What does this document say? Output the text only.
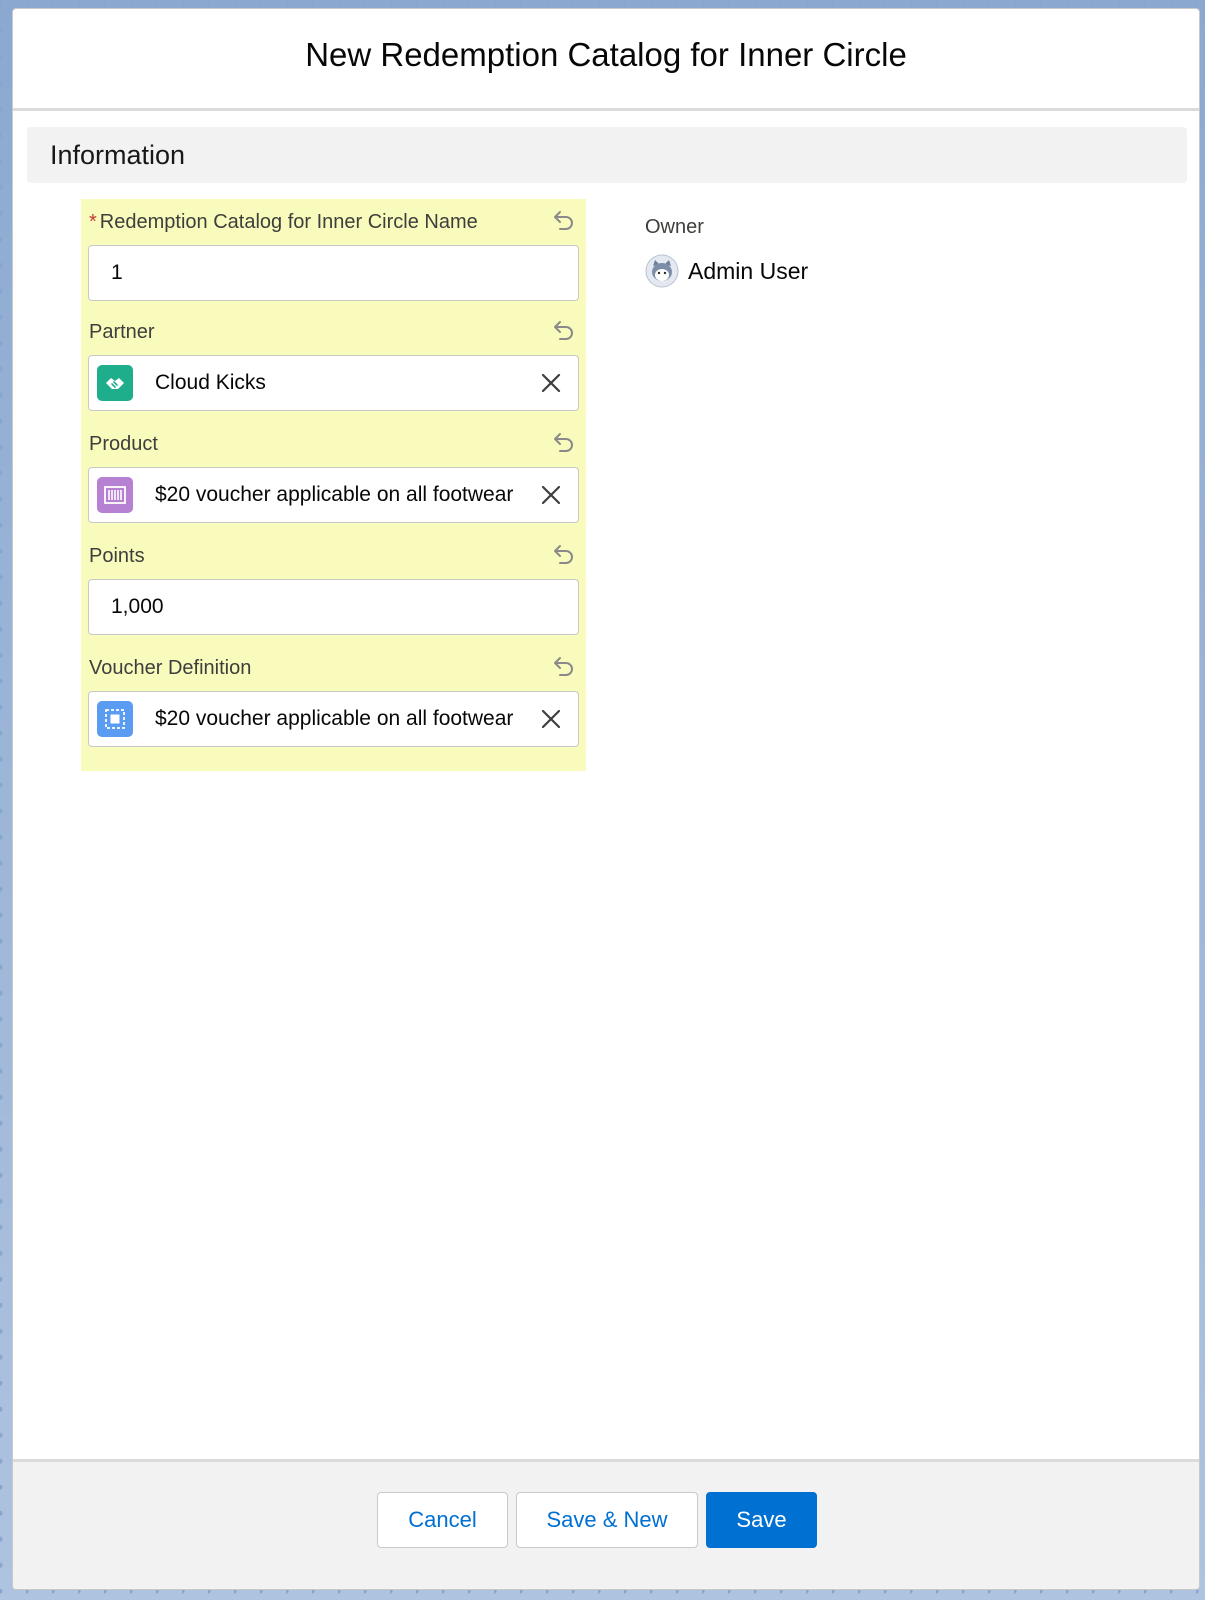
New Redemption Catalog for Inner Circle
Information
* Redemption Catalog for Inner Circle Name
1
Partner
Cloud Kicks
Product
$20 voucher applicable on all footwear
Points
1,000
Voucher Definition
$20 voucher applicable on all footwear
Owner
Admin User
Cancel	Save & New	Save
